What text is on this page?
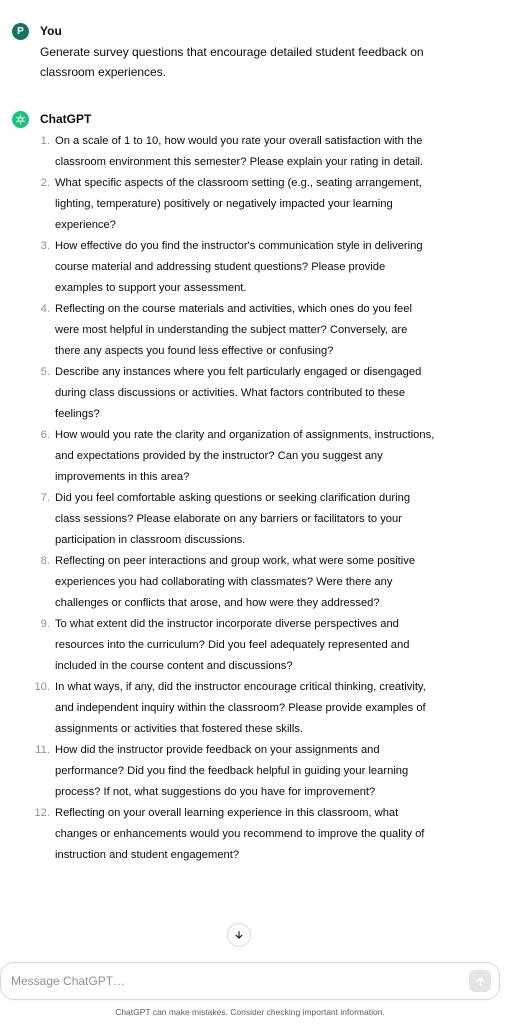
P	You
Generate survey questions that encourage detailed student feedback on classroom experiences.
ChatGPT
1. On a scale of 1 to 10, how would you rate your overall satisfaction with the classroom environment this semester? Please explain your rating in detail.
2. What specific aspects of the classroom setting (e.g., seating arrangement, lighting, temperature) positively or negatively impacted your learning experience?
3. How effective do you find the instructor's communication style in delivering course material and addressing student questions? Please provide examples to support your assessment.
4. Reflecting on the course materials and activities, which ones do you feel were most helpful in understanding the subject matter? Conversely, are there any aspects you found less effective or confusing?
5. Describe any instances where you felt particularly engaged or disengaged during class discussions or activities. What factors contributed to these feelings?
6. How would you rate the clarity and organization of assignments, instructions, and expectations provided by the instructor? Can you suggest any improvements in this area?
7. Did you feel comfortable asking questions or seeking clarification during class sessions? Please elaborate on any barriers or facilitators to your participation in classroom discussions.
8. Reflecting on peer interactions and group work, what were some positive experiences you had collaborating with classmates? Were there any challenges or conflicts that arose, and how were they addressed?
9. To what extent did the instructor incorporate diverse perspectives and resources into the curriculum? Did you feel adequately represented and included in the course content and discussions?
10. In what ways, if any, did the instructor encourage critical thinking, creativity, and independent inquiry within the classroom? Please provide examples of assignments or activities that fostered these skills.
11. How did the instructor provide feedback on your assignments and performance? Did you find the feedback helpful in guiding your learning process? If not, what suggestions do you have for improvement?
12. Reflecting on your overall learning experience in this classroom, what changes or enhancements would you recommend to improve the quality of instruction and student engagement?
Message ChatGPT…
ChatGPT can make mistakes. Consider checking important information.
